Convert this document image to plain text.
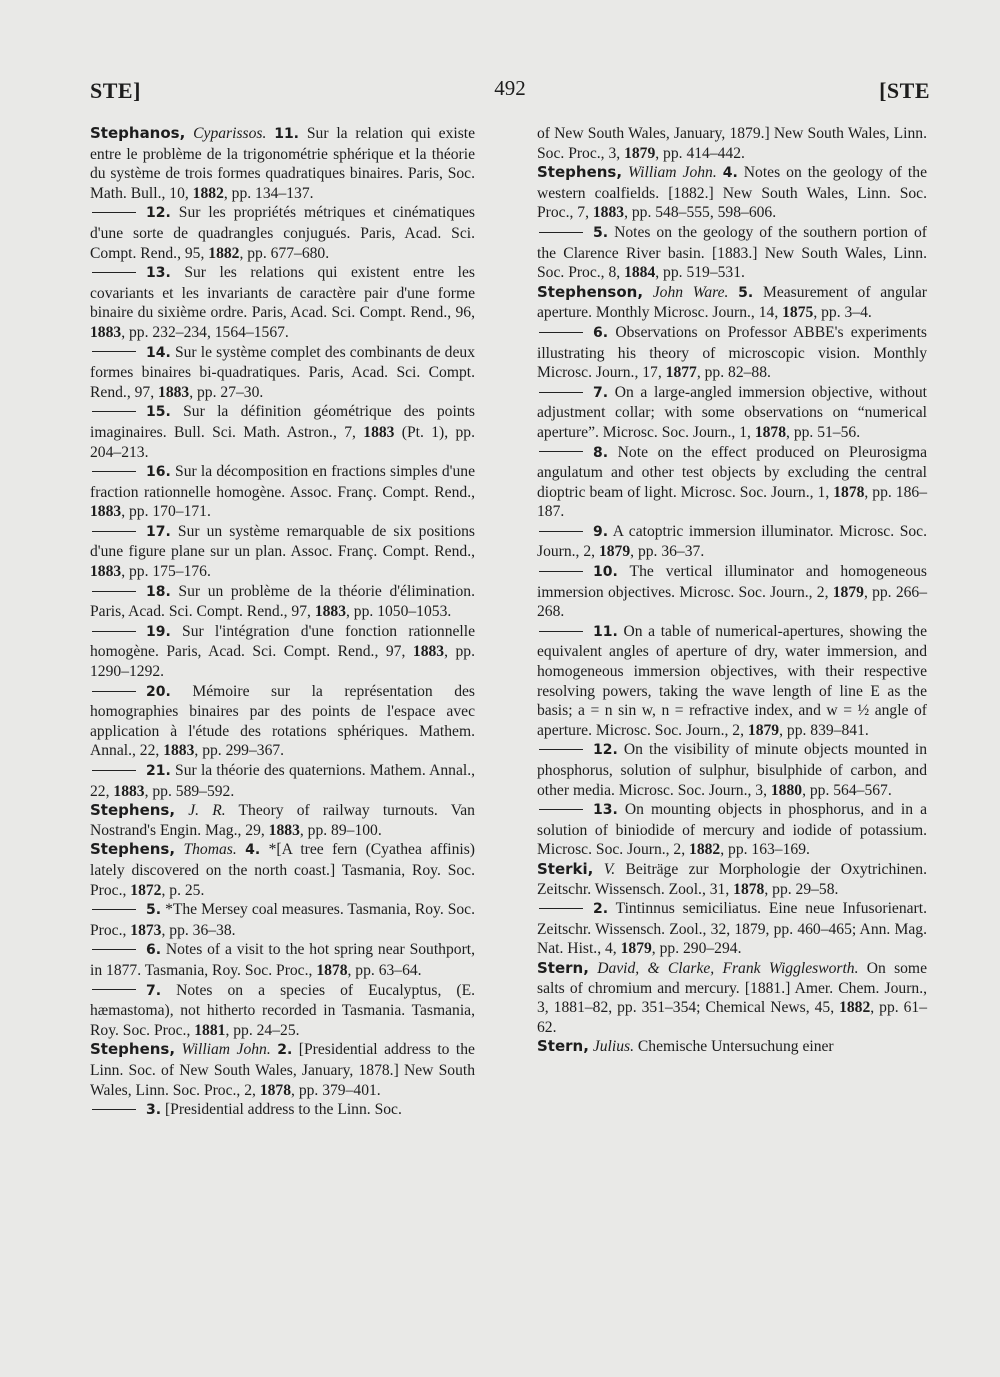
STE]	492	[STE
Stephanos, Cyparissos. 11. Sur la relation qui existe entre le problème de la trigonométrie sphérique et la théorie du système de trois formes quadratiques binaires. Paris, Soc. Math. Bull., 10, 1882, pp. 134–137.
12. Sur les propriétés métriques et cinématiques d'une sorte de quadrangles conjugués. Paris, Acad. Sci. Compt. Rend., 95, 1882, pp. 677–680.
13. Sur les relations qui existent entre les covariants et les invariants de caractère pair d'une forme binaire du sixième ordre. Paris, Acad. Sci. Compt. Rend., 96, 1883, pp. 232–234, 1564–1567.
14. Sur le système complet des combinants de deux formes binaires bi-quadratiques. Paris, Acad. Sci. Compt. Rend., 97, 1883, pp. 27–30.
15. Sur la définition géométrique des points imaginaires. Bull. Sci. Math. Astron., 7, 1883 (Pt. 1), pp. 204–213.
16. Sur la décomposition en fractions simples d'une fraction rationnelle homogène. Assoc. Franç. Compt. Rend., 1883, pp. 170–171.
17. Sur un système remarquable de six positions d'une figure plane sur un plan. Assoc. Franç. Compt. Rend., 1883, pp. 175–176.
18. Sur un problème de la théorie d'élimination. Paris, Acad. Sci. Compt. Rend., 97, 1883, pp. 1050–1053.
19. Sur l'intégration d'une fonction rationnelle homogène. Paris, Acad. Sci. Compt. Rend., 97, 1883, pp. 1290–1292.
20. Mémoire sur la représentation des homographies binaires par des points de l'espace avec application à l'étude des rotations sphériques. Mathem. Annal., 22, 1883, pp. 299–367.
21. Sur la théorie des quaternions. Mathem. Annal., 22, 1883, pp. 589–592.
Stephens, J. R. Theory of railway turnouts. Van Nostrand's Engin. Mag., 29, 1883, pp. 89–100.
Stephens, Thomas. 4. *[A tree fern (Cyathea affinis) lately discovered on the north coast.] Tasmania, Roy. Soc. Proc., 1872, p. 25.
5. *The Mersey coal measures. Tasmania, Roy. Soc. Proc., 1873, pp. 36–38.
6. Notes of a visit to the hot spring near Southport, in 1877. Tasmania, Roy. Soc. Proc., 1878, pp. 63–64.
7. Notes on a species of Eucalyptus, (E. hæmastoma), not hitherto recorded in Tasmania. Tasmania, Roy. Soc. Proc., 1881, pp. 24–25.
Stephens, William John. 2. [Presidential address to the Linn. Soc. of New South Wales, January, 1878.] New South Wales, Linn. Soc. Proc., 2, 1878, pp. 379–401.
3. [Presidential address to the Linn. Soc.
of New South Wales, January, 1879.] New South Wales, Linn. Soc. Proc., 3, 1879, pp. 414–442.
Stephens, William John. 4. Notes on the geology of the western coalfields. [1882.] New South Wales, Linn. Soc. Proc., 7, 1883, pp. 548–555, 598–606.
5. Notes on the geology of the southern portion of the Clarence River basin. [1883.] New South Wales, Linn. Soc. Proc., 8, 1884, pp. 519–531.
Stephenson, John Ware. 5. Measurement of angular aperture. Monthly Microsc. Journ., 14, 1875, pp. 3–4.
6. Observations on Professor ABBE's experiments illustrating his theory of microscopic vision. Monthly Microsc. Journ., 17, 1877, pp. 82–88.
7. On a large-angled immersion objective, without adjustment collar; with some observations on “numerical aperture”. Microsc. Soc. Journ., 1, 1878, pp. 51–56.
8. Note on the effect produced on Pleurosigma angulatum and other test objects by excluding the central dioptric beam of light. Microsc. Soc. Journ., 1, 1878, pp. 186–187.
9. A catoptric immersion illuminator. Microsc. Soc. Journ., 2, 1879, pp. 36–37.
10. The vertical illuminator and homogeneous immersion objectives. Microsc. Soc. Journ., 2, 1879, pp. 266–268.
11. On a table of numerical-apertures, showing the equivalent angles of aperture of dry, water immersion, and homogeneous immersion objectives, with their respective resolving powers, taking the wave length of line E as the basis; a = n sin w, n = refractive index, and w = ½ angle of aperture. Microsc. Soc. Journ., 2, 1879, pp. 839–841.
12. On the visibility of minute objects mounted in phosphorus, solution of sulphur, bisulphide of carbon, and other media. Microsc. Soc. Journ., 3, 1880, pp. 564–567.
13. On mounting objects in phosphorus, and in a solution of biniodide of mercury and iodide of potassium. Microsc. Soc. Journ., 2, 1882, pp. 163–169.
Sterki, V. Beiträge zur Morphologie der Oxytrichinen. Zeitschr. Wissensch. Zool., 31, 1878, pp. 29–58.
2. Tintinnus semiciliatus. Eine neue Infusorienart. Zeitschr. Wissensch. Zool., 32, 1879, pp. 460–465; Ann. Mag. Nat. Hist., 4, 1879, pp. 290–294.
Stern, David, & Clarke, Frank Wigglesworth. On some salts of chromium and mercury. [1881.] Amer. Chem. Journ., 3, 1881–82, pp. 351–354; Chemical News, 45, 1882, pp. 61–62.
Stern, Julius. Chemische Untersuchung einer
